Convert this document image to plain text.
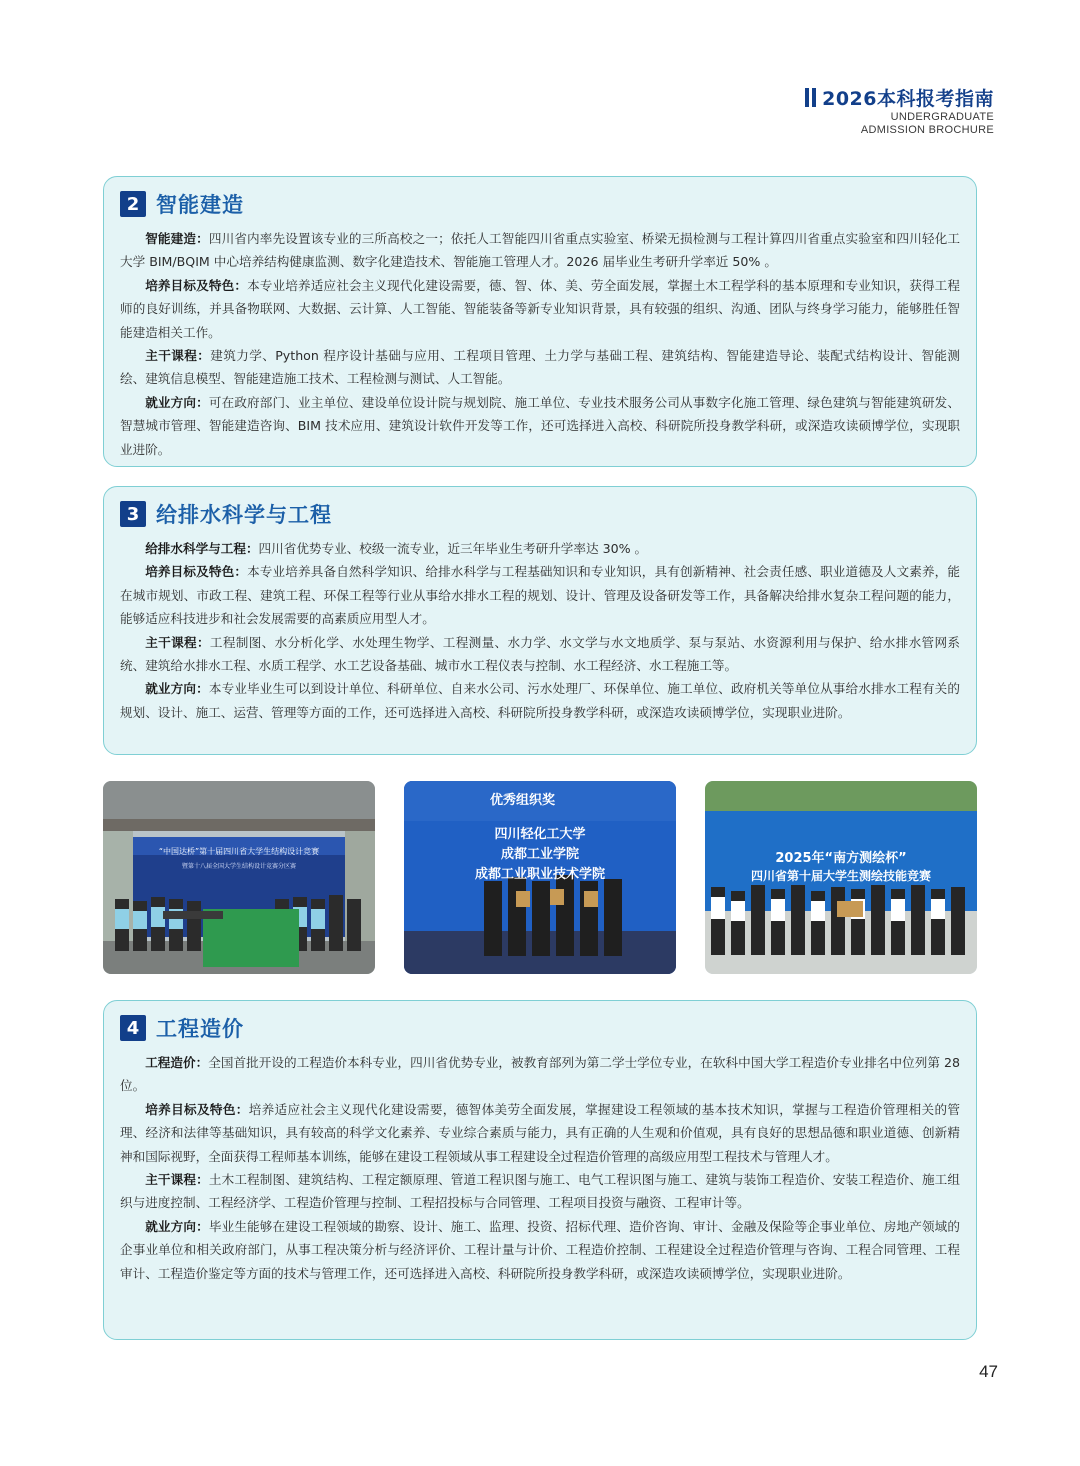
2026本科报考指南
UNDERGRADUATE
ADMISSION BROCHURE
2 智能建造

智能建造：四川省内率先设置该专业的三所高校之一；依托人工智能四川省重点实验室、桥梁无损检测与工程计算四川省重点实验室和四川轻化工大学 BIM/BQIM 中心培养结构健康监测、数字化建造技术、智能施工管理人才。2026 届毕业生考研升学率近 50% 。

培养目标及特色：本专业培养适应社会主义现代化建设需要，德、智、体、美、劳全面发展，掌握土木工程学科的基本原理和专业知识，获得工程师的良好训练，并具备物联网、大数据、云计算、人工智能、智能装备等新专业知识背景，具有较强的组织、沟通、团队与终身学习能力，能够胜任智能建造相关工作。

主干课程：建筑力学、Python 程序设计基础与应用、工程项目管理、土力学与基础工程、建筑结构、智能建造导论、装配式结构设计、智能测绘、建筑信息模型、智能建造施工技术、工程检测与测试、人工智能。

就业方向：可在政府部门、业主单位、建设单位设计院与规划院、施工单位、专业技术服务公司从事数字化施工管理、绿色建筑与智能建筑研发、智慧城市管理、智能建造咨询、BIM 技术应用、建筑设计软件开发等工作，还可选择进入高校、科研院所投身教学科研，或深造攻读硕博学位，实现职业进阶。

3 给排水科学与工程

给排水科学与工程：四川省优势专业、校级一流专业，近三年毕业生考研升学率达 30% 。

培养目标及特色：本专业培养具备自然科学知识、给排水科学与工程基础知识和专业知识，具有创新精神、社会责任感、职业道德及人文素养，能在城市规划、市政工程、建筑工程、环保工程等行业从事给水排水工程的规划、设计、管理及设备研发等工作，具备解决给排水复杂工程问题的能力，能够适应科技进步和社会发展需要的高素质应用型人才。

主干课程：工程制图、水分析化学、水处理生物学、工程测量、水力学、水文学与水文地质学、泵与泵站、水资源利用与保护、给水排水管网系统、建筑给水排水工程、水质工程学、水工艺设备基础、城市水工程仪表与控制、水工程经济、水工程施工等。

就业方向：本专业毕业生可以到设计单位、科研单位、自来水公司、污水处理厂、环保单位、施工单位、政府机关等单位从事给水排水工程有关的规划、设计、施工、运营、管理等方面的工作，还可选择进入高校、科研院所投身教学科研，或深造攻读硕博学位，实现职业进阶。

“中国达桥”第十届四川省大学生结构设计竞赛
暨第十八届全国大学生结构设计竞赛分区赛
优秀组织奖
四川轻化工大学
成都工业学院
成都工业职业技术学院
2025年“南方测绘杯”
四川省第十届大学生测绘技能竞赛
4 工程造价

工程造价：全国首批开设的工程造价本科专业，四川省优势专业，被教育部列为第二学士学位专业，在软科中国大学工程造价专业排名中位列第 28 位。

培养目标及特色：培养适应社会主义现代化建设需要，德智体美劳全面发展，掌握建设工程领域的基本技术知识，掌握与工程造价管理相关的管理、经济和法律等基础知识，具有较高的科学文化素养、专业综合素质与能力，具有正确的人生观和价值观，具有良好的思想品德和职业道德、创新精神和国际视野，全面获得工程师基本训练，能够在建设工程领域从事工程建设全过程造价管理的高级应用型工程技术与管理人才。

主干课程：土木工程制图、建筑结构、工程定额原理、管道工程识图与施工、电气工程识图与施工、建筑与装饰工程造价、安装工程造价、施工组织与进度控制、工程经济学、工程造价管理与控制、工程招投标与合同管理、工程项目投资与融资、工程审计等。

就业方向：毕业生能够在建设工程领域的勘察、设计、施工、监理、投资、招标代理、造价咨询、审计、金融及保险等企事业单位、房地产领域的企事业单位和相关政府部门，从事工程决策分析与经济评价、工程计量与计价、工程造价控制、工程建设全过程造价管理与咨询、工程合同管理、工程审计、工程造价鉴定等方面的技术与管理工作，还可选择进入高校、科研院所投身教学科研，或深造攻读硕博学位，实现职业进阶。

47
